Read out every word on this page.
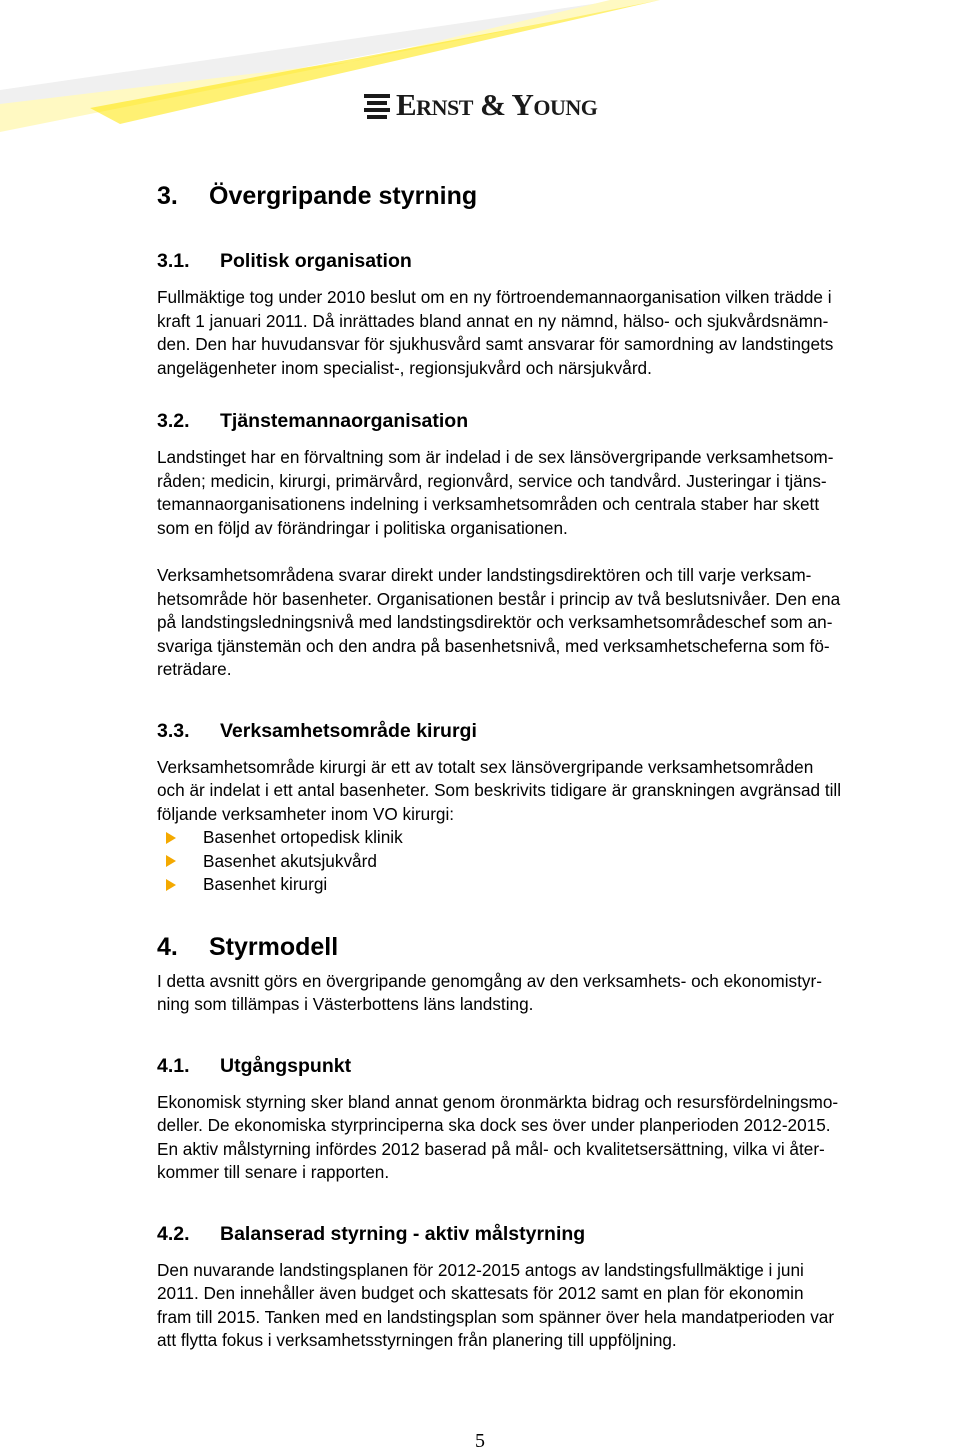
Ernst & Young
3. Övergripande styrning
3.1. Politisk organisation

Fullmäktige tog under 2010 beslut om en ny förtroendemannaorganisation vilken trädde i
kraft 1 januari 2011. Då inrättades bland annat en ny nämnd, hälso- och sjukvårdsnämn-
den. Den har huvudansvar för sjukhusvård samt ansvarar för samordning av landstingets
angelägenheter inom specialist-, regionsjukvård och närsjukvård.

3.2. Tjänstemannaorganisation

Landstinget har en förvaltning som är indelad i de sex länsövergripande verksamhetsom-
råden; medicin, kirurgi, primärvård, regionvård, service och tandvård. Justeringar i tjäns-
temannaorganisationens indelning i verksamhetsområden och centrala staber har skett
som en följd av förändringar i politiska organisationen.

Verksamhetsområdena svarar direkt under landstingsdirektören och till varje verksam-
hetsområde hör basenheter. Organisationen består i princip av två beslutsnivåer. Den ena
på landstingsledningsnivå med landstingsdirektör och verksamhetsområdeschef som an-
svariga tjänstemän och den andra på basenhetsnivå, med verksamhetscheferna som fö-
reträdare.

3.3. Verksamhetsområde kirurgi

Verksamhetsområde kirurgi är ett av totalt sex länsövergripande verksamhetsområden
och är indelat i ett antal basenheter. Som beskrivits tidigare är granskningen avgränsad till
följande verksamheter inom VO kirurgi:

Basenhet ortopedisk klinik
Basenhet akutsjukvård
Basenhet kirurgi
4. Styrmodell

I detta avsnitt görs en övergripande genomgång av den verksamhets- och ekonomistyr-
ning som tillämpas i Västerbottens läns landsting.

4.1. Utgångspunkt

Ekonomisk styrning sker bland annat genom öronmärkta bidrag och resursfördelningsmo-
deller. De ekonomiska styrprinciperna ska dock ses över under planperioden 2012-2015.
En aktiv målstyrning infördes 2012 baserad på mål- och kvalitetsersättning, vilka vi åter-
kommer till senare i rapporten.

4.2. Balanserad styrning - aktiv målstyrning

Den nuvarande landstingsplanen för 2012-2015 antogs av landstingsfullmäktige i juni
2011. Den innehåller även budget och skattesats för 2012 samt en plan för ekonomin
fram till 2015. Tanken med en landstingsplan som spänner över hela mandatperioden var
att flytta fokus i verksamhetsstyrningen från planering till uppföljning.

5
